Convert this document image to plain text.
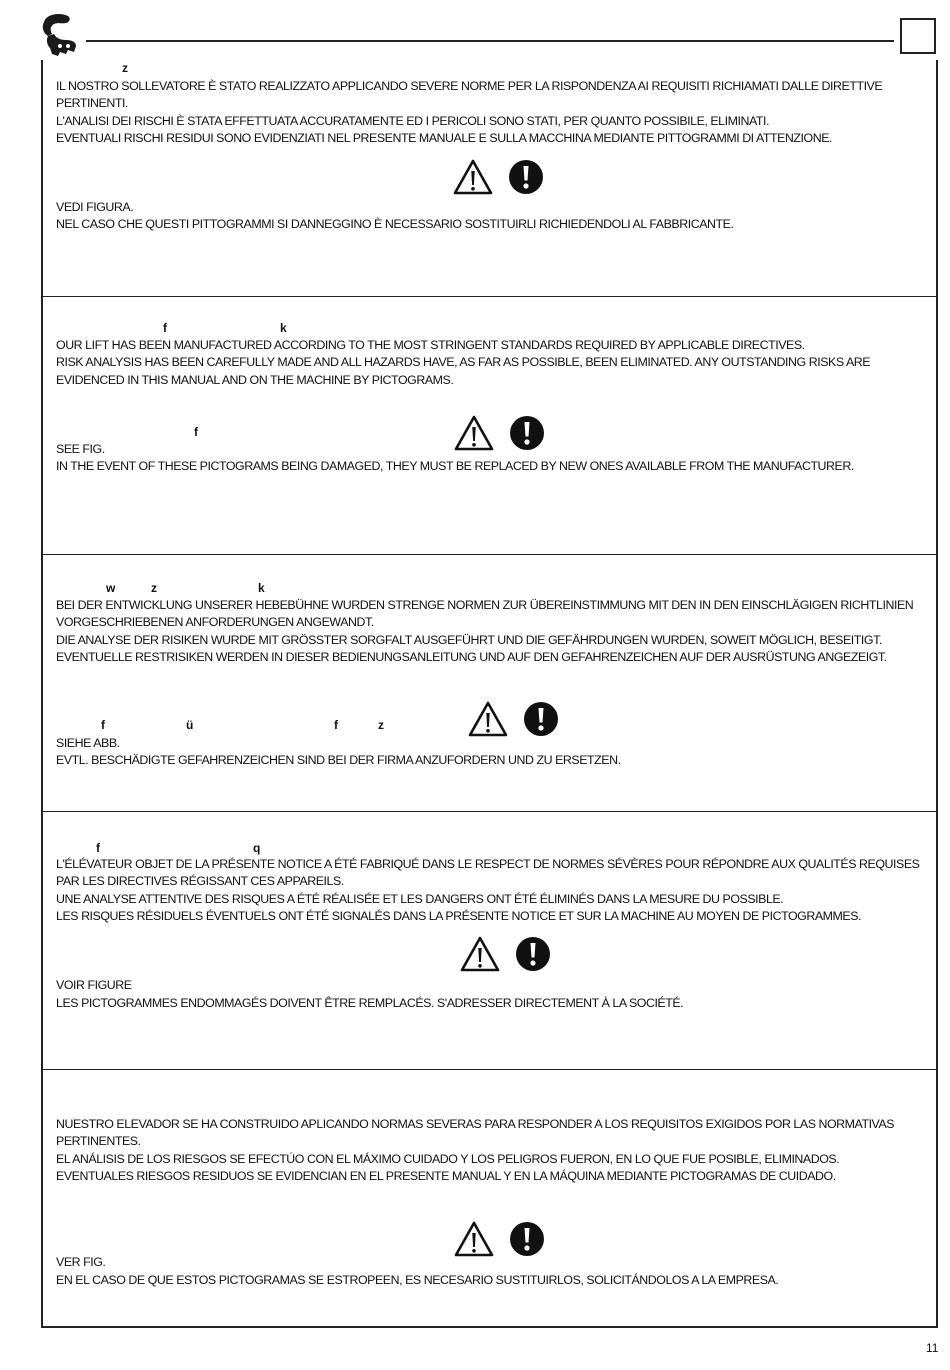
z

IL NOSTRO SOLLEVATORE È STATO REALIZZATO APPLICANDO SEVERE NORME PER LA RISPONDENZA AI REQUISITI RICHIAMATI DALLE DIRETTIVE PERTINENTI.
L'ANALISI DEI RISCHI È STATA EFFETTUATA ACCURATAMENTE ED I PERICOLI SONO STATI, PER QUANTO POSSIBILE, ELIMINATI.
EVENTUALI RISCHI RESIDUI SONO EVIDENZIATI NEL PRESENTE MANUALE E SULLA MACCHINA MEDIANTE PITTOGRAMMI DI ATTENZIONE.

VEDI FIGURA.

NEL CASO CHE QUESTI PITTOGRAMMI SI DANNEGGINO È NECESSARIO SOSTITUIRLI RICHIEDENDOLI AL FABBRICANTE.

f	k

OUR LIFT HAS BEEN MANUFACTURED ACCORDING TO THE MOST STRINGENT STANDARDS REQUIRED BY APPLICABLE DIRECTIVES.
RISK ANALYSIS HAS BEEN CAREFULLY MADE AND ALL HAZARDS HAVE, AS FAR AS POSSIBLE, BEEN ELIMINATED. ANY OUTSTANDING RISKS ARE EVIDENCED IN THIS MANUAL AND ON THE MACHINE BY PICTOGRAMS.

f

SEE FIG.

IN THE EVENT OF THESE PICTOGRAMS BEING DAMAGED, THEY MUST BE REPLACED BY NEW ONES AVAILABLE FROM THE MANUFACTURER.

w	z	k

BEI DER ENTWICKLUNG UNSERER HEBEBÜHNE WURDEN STRENGE NORMEN ZUR ÜBEREINSTIMMUNG MIT DEN IN DEN EINSCHLÄGIGEN RICHTLINIEN VORGESCHRIEBENEN ANFORDERUNGEN ANGEWANDT.
DIE ANALYSE DER RISIKEN WURDE MIT GRÖSSTER SORGFALT AUSGEFÜHRT UND DIE GEFÄHRDUNGEN WURDEN, SOWEIT MÖGLICH, BESEITIGT.
EVENTUELLE RESTRISIKEN WERDEN IN DIESER BEDIENUNGSANLEITUNG UND AUF DEN GEFAHRENZEICHEN AUF DER AUSRÜSTUNG ANGEZEIGT.

f	ü	f	z

SIEHE ABB.

EVTL. BESCHÄDIGTE GEFAHRENZEICHEN SIND BEI DER FIRMA ANZUFORDERN UND ZU ERSETZEN.

f	q

L'ÉLÉVATEUR OBJET DE LA PRÉSENTE NOTICE A ÉTÉ FABRIQUÉ DANS LE RESPECT DE NORMES SÉVÈRES POUR RÉPONDRE AUX QUALITÉS REQUISES PAR LES DIRECTIVES RÉGISSANT CES APPAREILS.
UNE ANALYSE ATTENTIVE DES RISQUES A ÉTÉ RÉALISÉE ET LES DANGERS ONT ÉTÉ ÉLIMINÉS DANS LA MESURE DU POSSIBLE.
LES RISQUES RÉSIDUELS ÉVENTUELS ONT ÉTÉ SIGNALÉS DANS LA PRÉSENTE NOTICE ET SUR LA MACHINE AU MOYEN DE PICTOGRAMMES.

VOIR FIGURE

LES PICTOGRAMMES ENDOMMAGÉS DOIVENT ÊTRE REMPLACÉS. S'ADRESSER DIRECTEMENT À LA SOCIÉTÉ.

NUESTRO ELEVADOR SE HA CONSTRUIDO APLICANDO NORMAS SEVERAS PARA RESPONDER A LOS REQUISITOS EXIGIDOS POR LAS NORMATIVAS PERTINENTES.
EL ANÁLISIS DE LOS RIESGOS SE EFECTÚO CON EL MÁXIMO CUIDADO Y LOS PELIGROS FUERON, EN LO QUE FUE POSIBLE, ELIMINADOS.
EVENTUALES RIESGOS RESIDUOS SE EVIDENCIAN EN EL PRESENTE MANUAL Y EN LA MÁQUINA MEDIANTE PICTOGRAMAS DE CUIDADO.

VER FIG.

EN EL CASO DE QUE ESTOS PICTOGRAMAS SE ESTROPEEN, ES NECESARIO SUSTITUIRLOS, SOLICITÁNDOLOS A LA EMPRESA.

11
